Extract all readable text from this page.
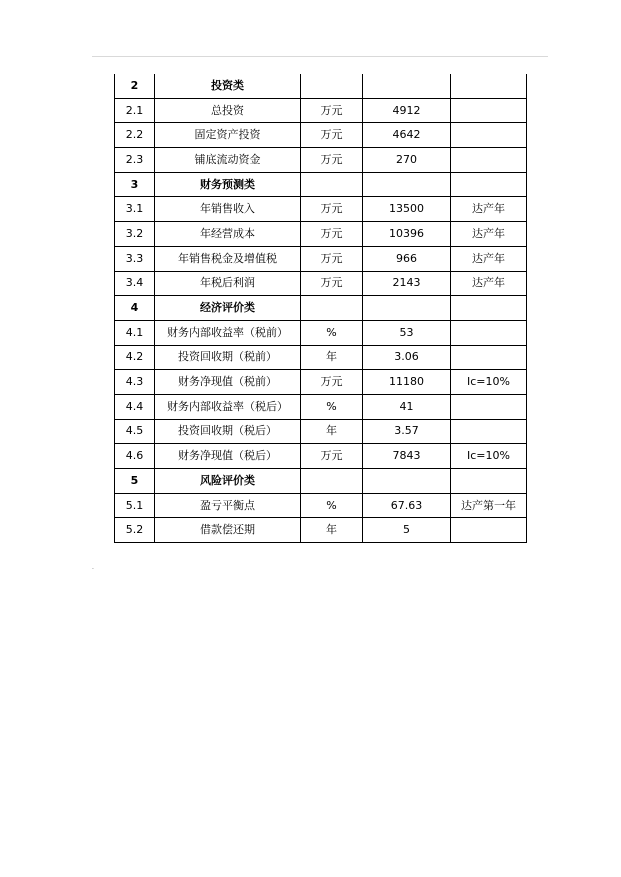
2	投资类			
2.1	总投资	万元	4912	
2.2	固定资产投资	万元	4642	
2.3	铺底流动资金	万元	270	
3	财务预测类			
3.1	年销售收入	万元	13500	达产年
3.2	年经营成本	万元	10396	达产年
3.3	年销售税金及增值税	万元	966	达产年
3.4	年税后利润	万元	2143	达产年
4	经济评价类			
4.1	财务内部收益率（税前）	%	53	
4.2	投资回收期（税前）	年	3.06	
4.3	财务净现值（税前）	万元	11180	Ic=10%
4.4	财务内部收益率（税后）	%	41	
4.5	投资回收期（税后）	年	3.57	
4.6	财务净现值（税后）	万元	7843	Ic=10%
5	风险评价类			
5.1	盈亏平衡点	%	67.63	达产第一年
5.2	借款偿还期	年	5	
.
